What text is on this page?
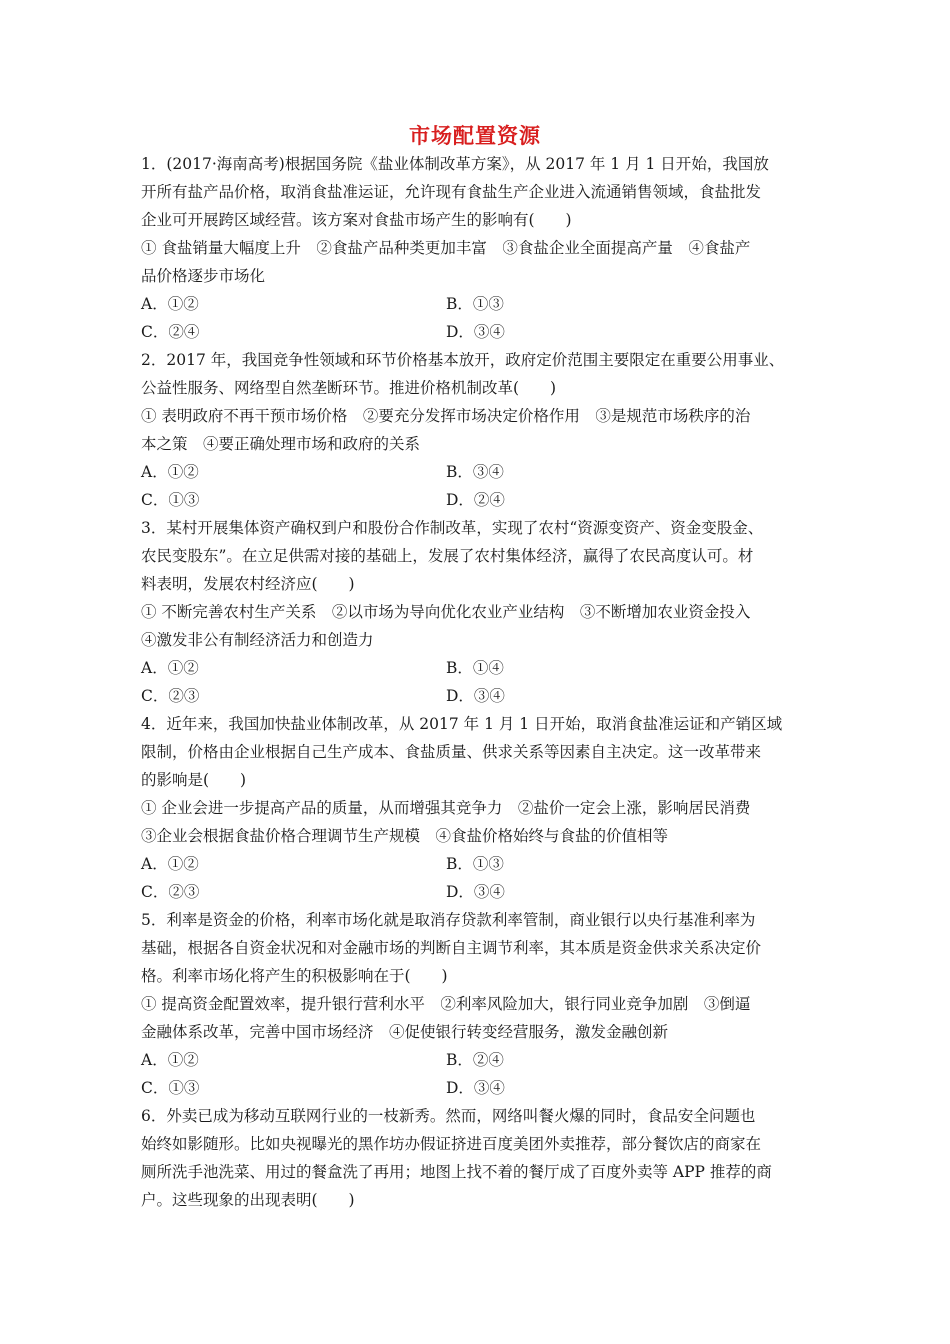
市场配置资源
1．(2017·海南高考)根据国务院《盐业体制改革方案》，从 2017 年 1 月 1 日开始，我国放
开所有盐产品价格，取消食盐准运证，允许现有食盐生产企业进入流通销售领域，食盐批发
企业可开展跨区域经营。该方案对食盐市场产生的影响有(　　)
① 食盐销量大幅度上升　②食盐产品种类更加丰富　③食盐企业全面提高产量　④食盐产
品价格逐步市场化
A．①②	B．①③
C．②④	D．③④
2．2017 年，我国竞争性领域和环节价格基本放开，政府定价范围主要限定在重要公用事业、
公益性服务、网络型自然垄断环节。推进价格机制改革(　　)
① 表明政府不再干预市场价格　②要充分发挥市场决定价格作用　③是规范市场秩序的治
本之策　④要正确处理市场和政府的关系
A．①②	B．③④
C．①③	D．②④
3．某村开展集体资产确权到户和股份合作制改革，实现了农村“资源变资产、资金变股金、
农民变股东”。在立足供需对接的基础上，发展了农村集体经济，赢得了农民高度认可。材
料表明，发展农村经济应(　　)
① 不断完善农村生产关系　②以市场为导向优化农业产业结构　③不断增加农业资金投入
④激发非公有制经济活力和创造力
A．①②	B．①④
C．②③	D．③④
4．近年来，我国加快盐业体制改革，从 2017 年 1 月 1 日开始，取消食盐准运证和产销区域
限制，价格由企业根据自己生产成本、食盐质量、供求关系等因素自主决定。这一改革带来
的影响是(　　)
① 企业会进一步提高产品的质量，从而增强其竞争力　②盐价一定会上涨，影响居民消费
③企业会根据食盐价格合理调节生产规模　④食盐价格始终与食盐的价值相等
A．①②	B．①③
C．②③	D．③④
5．利率是资金的价格，利率市场化就是取消存贷款利率管制，商业银行以央行基准利率为
基础，根据各自资金状况和对金融市场的判断自主调节利率，其本质是资金供求关系决定价
格。利率市场化将产生的积极影响在于(　　)
① 提高资金配置效率，提升银行营利水平　②利率风险加大，银行同业竞争加剧　③倒逼
金融体系改革，完善中国市场经济　④促使银行转变经营服务，激发金融创新
A．①②	B．②④
C．①③	D．③④
6．外卖已成为移动互联网行业的一枝新秀。然而，网络叫餐火爆的同时，食品安全问题也
始终如影随形。比如央视曝光的黑作坊办假证挤进百度美团外卖推荐，部分餐饮店的商家在
厕所洗手池洗菜、用过的餐盒洗了再用；地图上找不着的餐厅成了百度外卖等 APP 推荐的商
户。这些现象的出现表明(　　)
